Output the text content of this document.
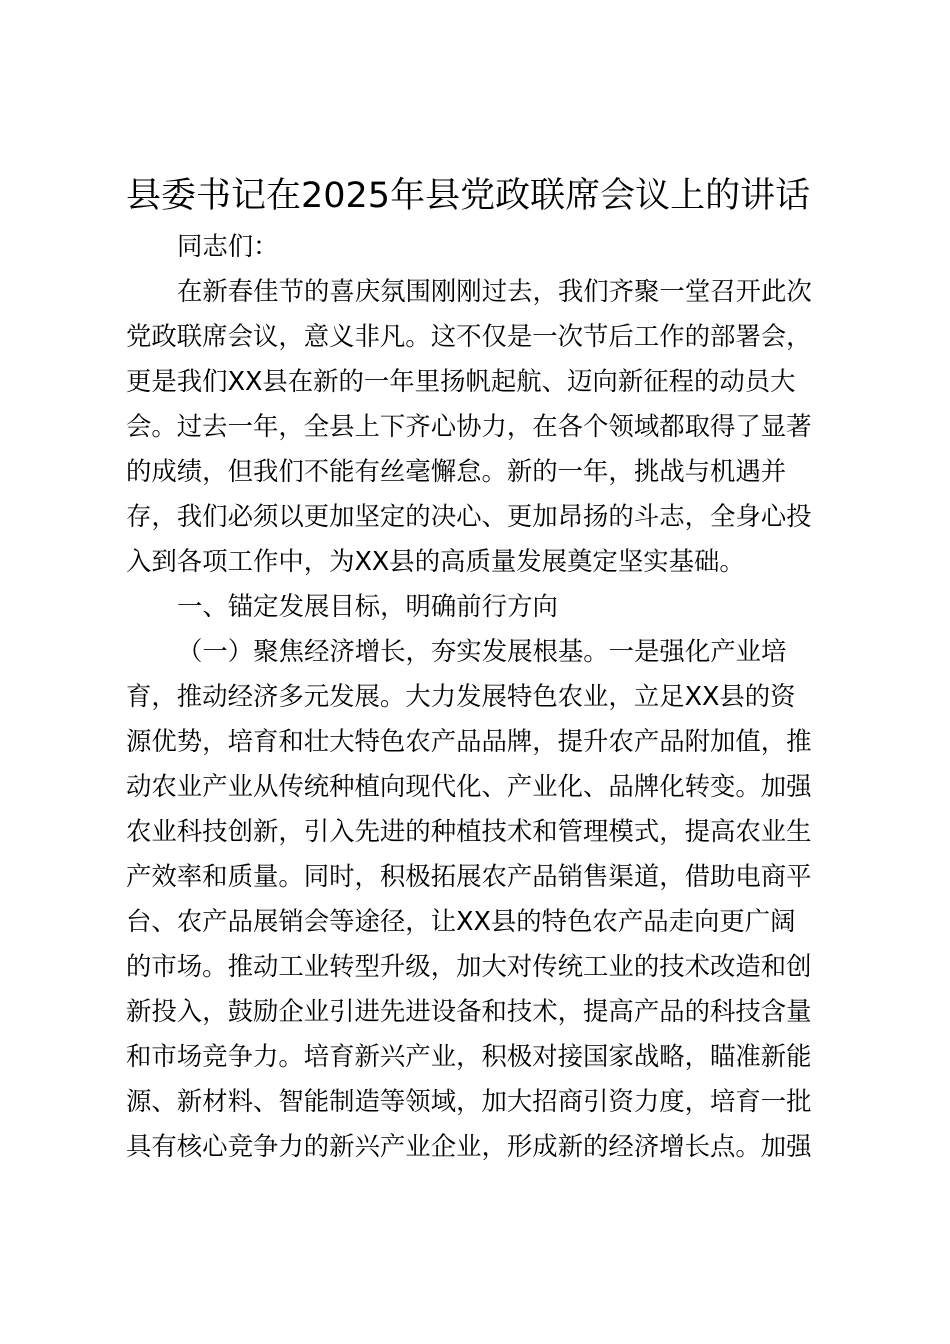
县委书记在2025年县党政联席会议上的讲话
同志们：
在新春佳节的喜庆氛围刚刚过去，我们齐聚一堂召开此次
党政联席会议，意义非凡。这不仅是一次节后工作的部署会，
更是我们XX县在新的一年里扬帆起航、迈向新征程的动员大
会。过去一年，全县上下齐心协力，在各个领域都取得了显著
的成绩，但我们不能有丝毫懈怠。新的一年，挑战与机遇并
存，我们必须以更加坚定的决心、更加昂扬的斗志，全身心投
入到各项工作中，为XX县的高质量发展奠定坚实基础。
一、锚定发展目标，明确前行方向
（一）聚焦经济增长，夯实发展根基。一是强化产业培
育，推动经济多元发展。大力发展特色农业，立足XX县的资
源优势，培育和壮大特色农产品品牌，提升农产品附加值，推
动农业产业从传统种植向现代化、产业化、品牌化转变。加强
农业科技创新，引入先进的种植技术和管理模式，提高农业生
产效率和质量。同时，积极拓展农产品销售渠道，借助电商平
台、农产品展销会等途径，让XX县的特色农产品走向更广阔
的市场。推动工业转型升级，加大对传统工业的技术改造和创
新投入，鼓励企业引进先进设备和技术，提高产品的科技含量
和市场竞争力。培育新兴产业，积极对接国家战略，瞄准新能
源、新材料、智能制造等领域，加大招商引资力度，培育一批
具有核心竞争力的新兴产业企业，形成新的经济增长点。加强
